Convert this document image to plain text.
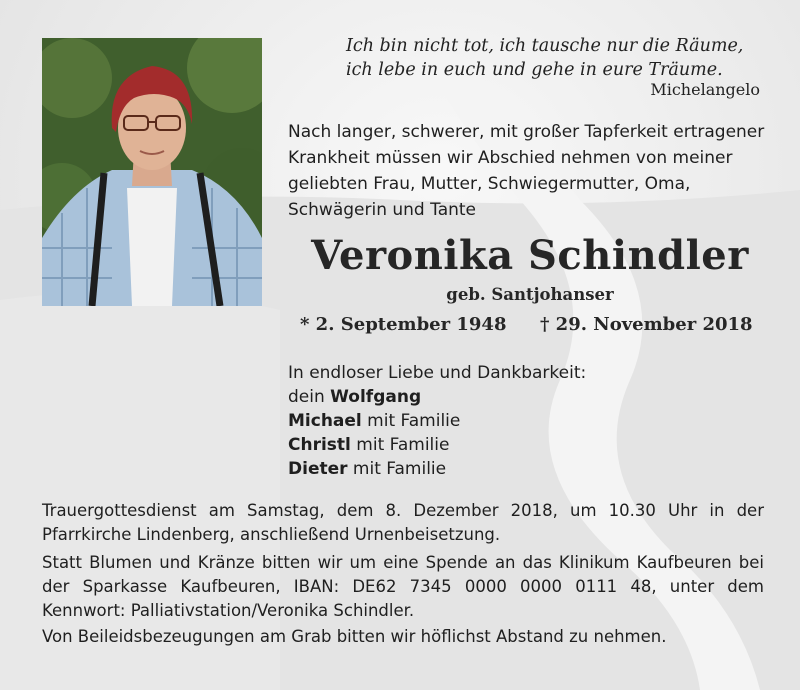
Ich bin nicht tot, ich tausche nur die Räume,
ich lebe in euch und gehe in eure Träume.
Michelangelo
Nach langer, schwerer, mit großer Tapferkeit ertragener Krankheit müssen wir Abschied nehmen von meiner geliebten Frau, Mutter, Schwiegermutter, Oma, Schwägerin und Tante
Veronika Schindler
geb. Santjohanser
* 2. September 1948 † 29. November 2018
In endloser Liebe und Dankbarkeit:
dein Wolfgang
Michael mit Familie
Christl mit Familie
Dieter mit Familie
Trauergottesdienst am Samstag, dem 8. Dezember 2018, um 10.30 Uhr in der Pfarrkirche Lindenberg, anschließend Urnenbeisetzung.
Statt Blumen und Kränze bitten wir um eine Spende an das Klinikum Kaufbeuren bei der Sparkasse Kaufbeuren, IBAN: DE62 7345 0000 0000 0111 48, unter dem Kennwort: Palliativstation/Veronika Schindler.
Von Beileidsbezeugungen am Grab bitten wir höflichst Abstand zu nehmen.
